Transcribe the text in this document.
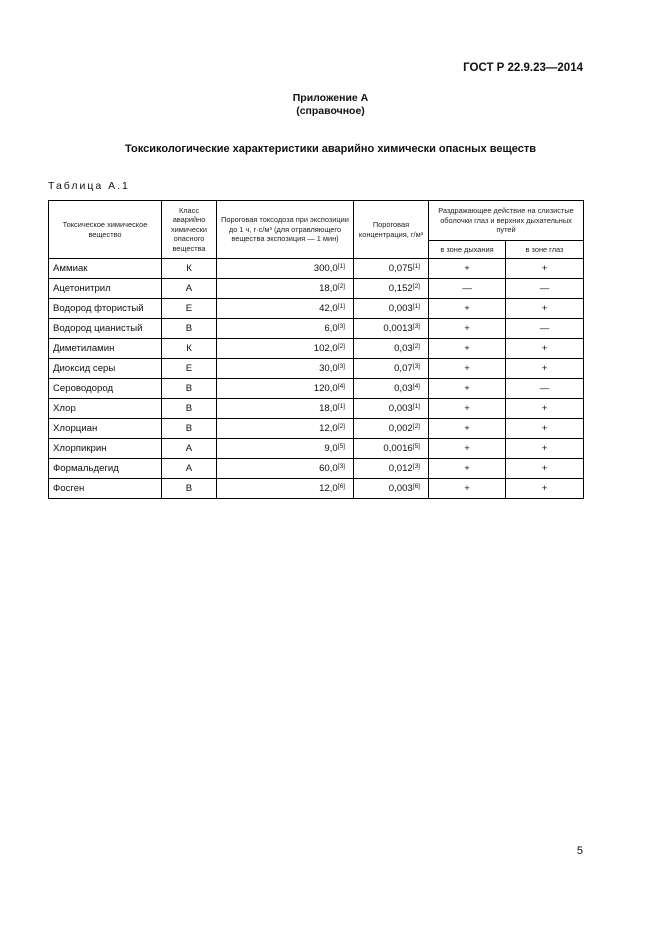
ГОСТ Р 22.9.23—2014
Приложение А
(справочное)
Токсикологические характеристики аварийно химически опасных веществ
Таблица А.1
Токсическое химическое вещество	Класс аварийно химически опасного вещества	Пороговая токсодоза при экспозиции до 1 ч, г·с/м³ (для отравляющего вещества экспозиция — 1 мин)	Пороговая концентрация, г/м³	Раздражающее действие на слизистые оболочки глаз и верхних дыхательных путей	
				в зоне дыхания	в зоне глаз
Аммиак	К	300,0[1]	0,075[1]	+	+
Ацетонитрил	А	18,0[2]	0,152[2]	—	—
Водород фтористый	Е	42,0[1]	0,003[1]	+	+
Водород цианистый	В	6,0[3]	0,0013[3]	+	—
Диметиламин	К	102,0[2]	0,03[2]	+	+
Диоксид серы	Е	30,0[3]	0,07[3]	+	+
Сероводород	В	120,0[4]	0,03[4]	+	—
Хлор	В	18,0[1]	0,003[1]	+	+
Хлорциан	В	12,0[2]	0,002[2]	+	+
Хлорпикрин	А	9,0[5]	0,0016[5]	+	+
Формальдегид	А	60,0[3]	0,012[3]	+	+
Фосген	В	12,0[6]	0,003[6]	+	+
5
